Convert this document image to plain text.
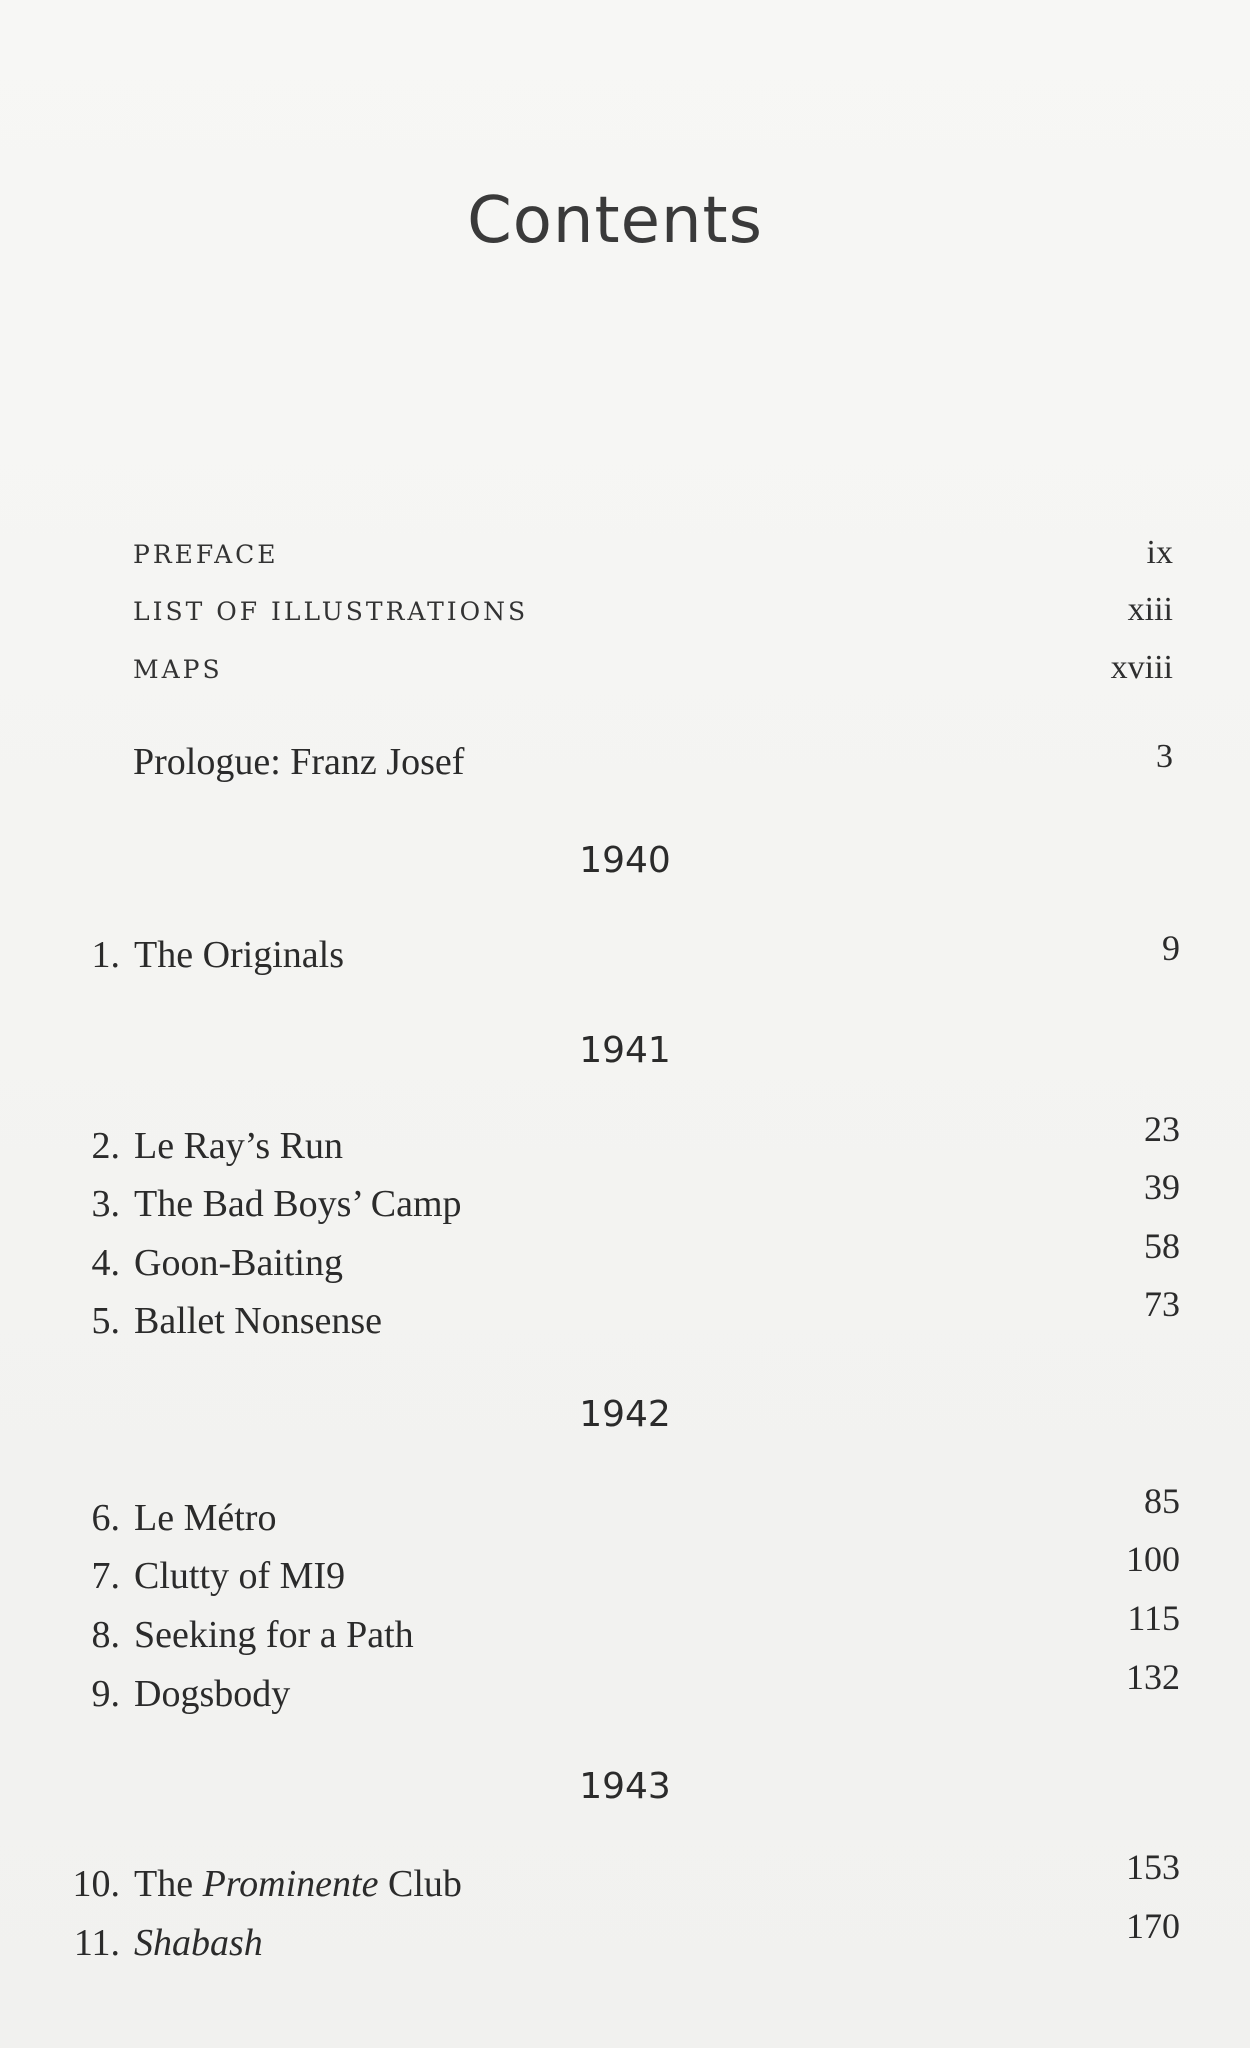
Contents
PREFACE	ix
LIST OF ILLUSTRATIONS	xiii
MAPS	xviii
Prologue: Franz Josef	3
1940
1. The Originals	9
1941
2. Le Ray’s Run	23
3. The Bad Boys’ Camp	39
4. Goon-Baiting	58
5. Ballet Nonsense	73
1942
6. Le Métro	85
7. Clutty of MI9	100
8. Seeking for a Path	115
9. Dogsbody	132
1943
10. The Prominente Club	153
11. Shabash	170
